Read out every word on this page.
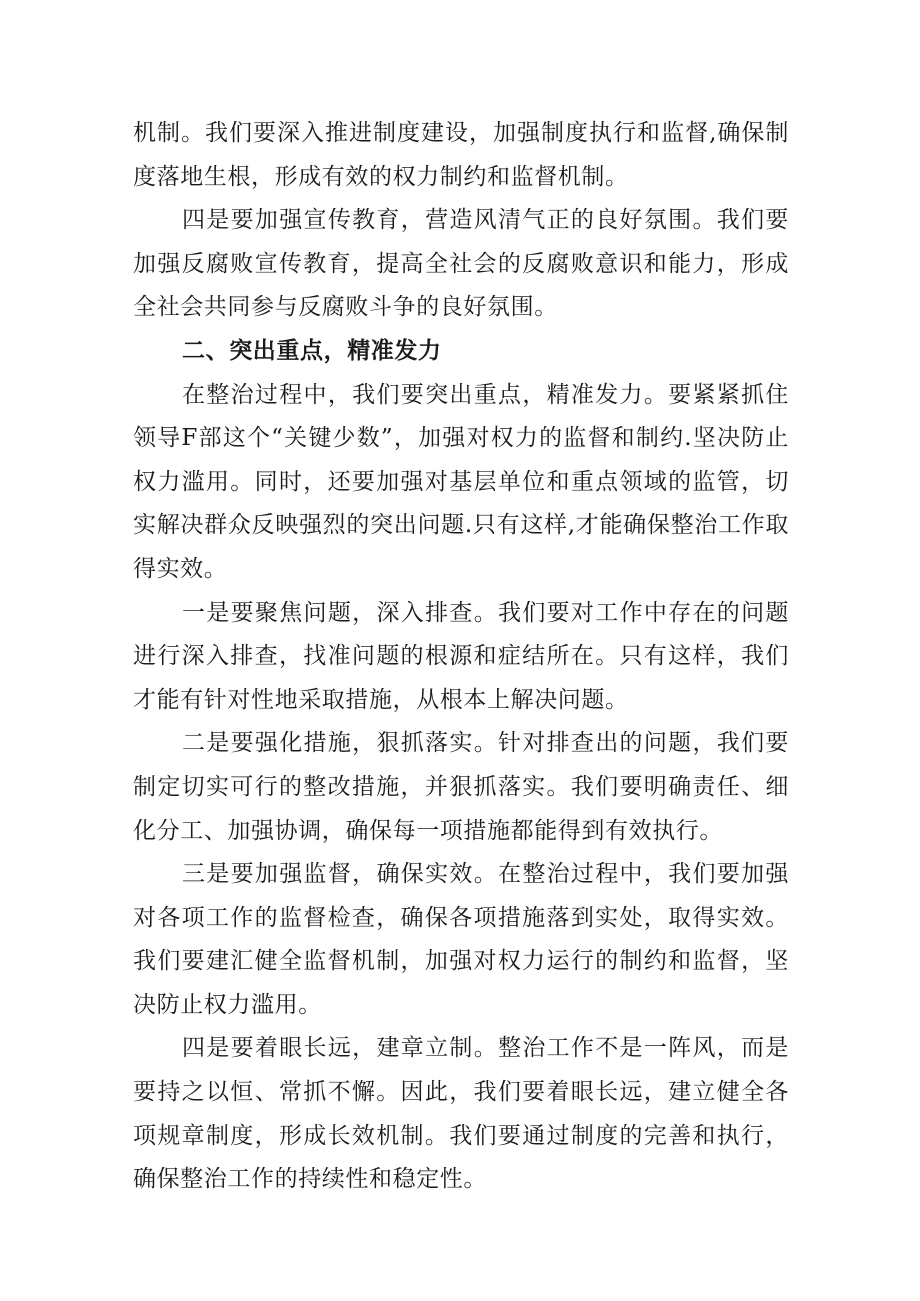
机制。我们要深入推进制度建设，加强制度执行和监督,确保制度落地生根，形成有效的权力制约和监督机制。

四是要加强宣传教育，营造风清气正的良好氛围。我们要加强反腐败宣传教育，提高全社会的反腐败意识和能力，形成全社会共同参与反腐败斗争的良好氛围。

二、突出重点，精准发力

在整治过程中，我们要突出重点，精准发力。要紧紧抓住领导F部这个“关键少数”，加强对权力的监督和制约.坚决防止权力滥用。同时，还要加强对基层单位和重点领域的监管，切实解决群众反映强烈的突出问题.只有这样,才能确保整治工作取得实效。

一是要聚焦问题，深入排查。我们要对工作中存在的问题进行深入排查，找准问题的根源和症结所在。只有这样，我们才能有针对性地采取措施，从根本上解决问题。

二是要强化措施，狠抓落实。针对排查出的问题，我们要制定切实可行的整改措施，并狠抓落实。我们要明确责任、细化分工、加强协调，确保每一项措施都能得到有效执行。

三是要加强监督，确保实效。在整治过程中，我们要加强对各项工作的监督检查，确保各项措施落到实处，取得实效。我们要建汇健全监督机制，加强对权力运行的制约和监督，坚决防止权力滥用。

四是要着眼长远，建章立制。整治工作不是一阵风，而是要持之以恒、常抓不懈。因此，我们要着眼长远，建立健全各项规章制度，形成长效机制。我们要通过制度的完善和执行，确保整治工作的持续性和稳定性。
